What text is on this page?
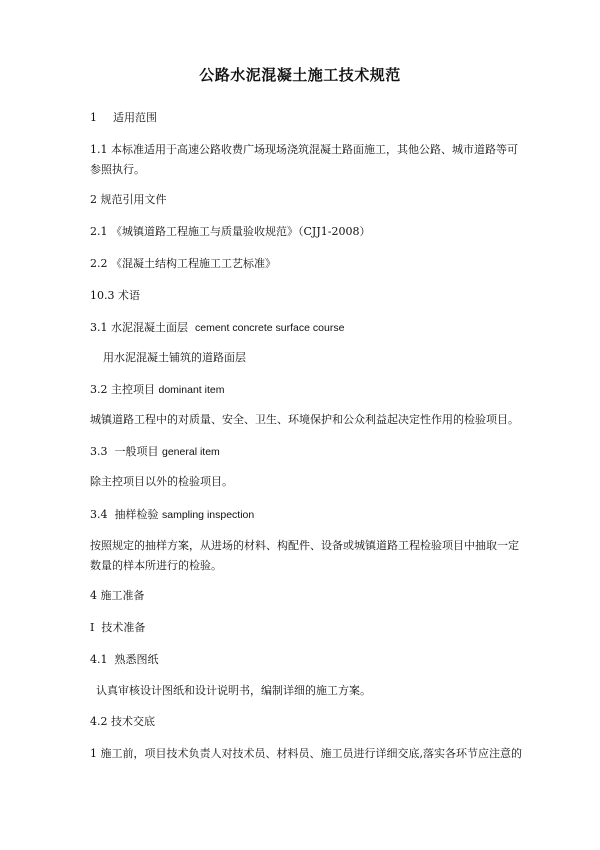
公路水泥混凝土施工技术规范
1 适用范围
1.1 本标准适用于高速公路收费广场现场浇筑混凝土路面施工，其他公路、城市道路等可参照执行。
2 规范引用文件
2.1 《城镇道路工程施工与质量验收规范》（CJJ1-2008）
2.2 《混凝土结构工程施工工艺标准》
10.3 术语
3.1 水泥混凝土面层 cement concrete surface course
用水泥混凝土铺筑的道路面层
3.2 主控项目 dominant item
城镇道路工程中的对质量、安全、卫生、环境保护和公众利益起决定性作用的检验项目。
3.3 一般项目 general item
除主控项目以外的检验项目。
3.4 抽样检验 sampling inspection
按照规定的抽样方案，从进场的材料、构配件、设备或城镇道路工程检验项目中抽取一定数量的样本所进行的检验。
4 施工准备
Ⅰ 技术准备
4.1 熟悉图纸
认真审核设计图纸和设计说明书，编制详细的施工方案。
4.2 技术交底
1 施工前，项目技术负责人对技术员、材料员、施工员进行详细交底,落实各环节应注意的
